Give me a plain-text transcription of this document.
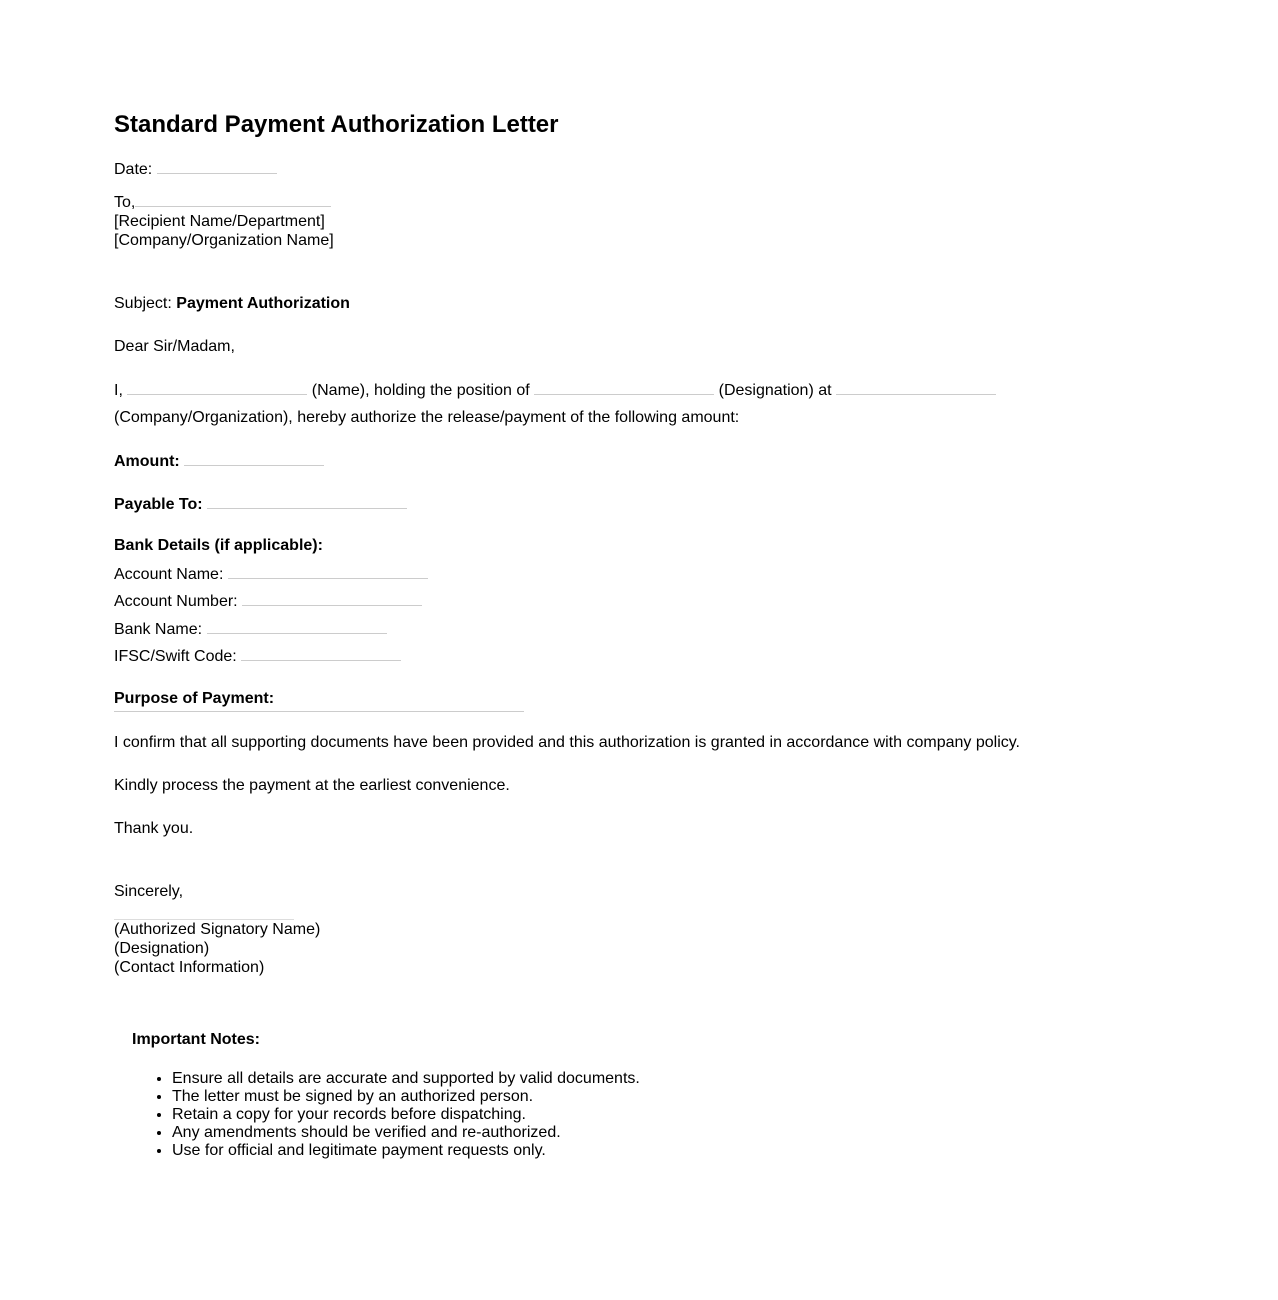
Standard Payment Authorization Letter
Date:
To,
[Recipient Name/Department]
[Company/Organization Name]
Subject: Payment Authorization
Dear Sir/Madam,
I,	(Name), holding the position of	(Designation) at
(Company/Organization), hereby authorize the release/payment of the following amount:
Amount:
Payable To:
Bank Details (if applicable):
Account Name:
Account Number:
Bank Name:
IFSC/Swift Code:
Purpose of Payment:
I confirm that all supporting documents have been provided and this authorization is granted in accordance with company policy.
Kindly process the payment at the earliest convenience.
Thank you.
Sincerely,
(Authorized Signatory Name)
(Designation)
(Contact Information)
Important Notes:
• Ensure all details are accurate and supported by valid documents.
• The letter must be signed by an authorized person.
• Retain a copy for your records before dispatching.
• Any amendments should be verified and re-authorized.
• Use for official and legitimate payment requests only.
